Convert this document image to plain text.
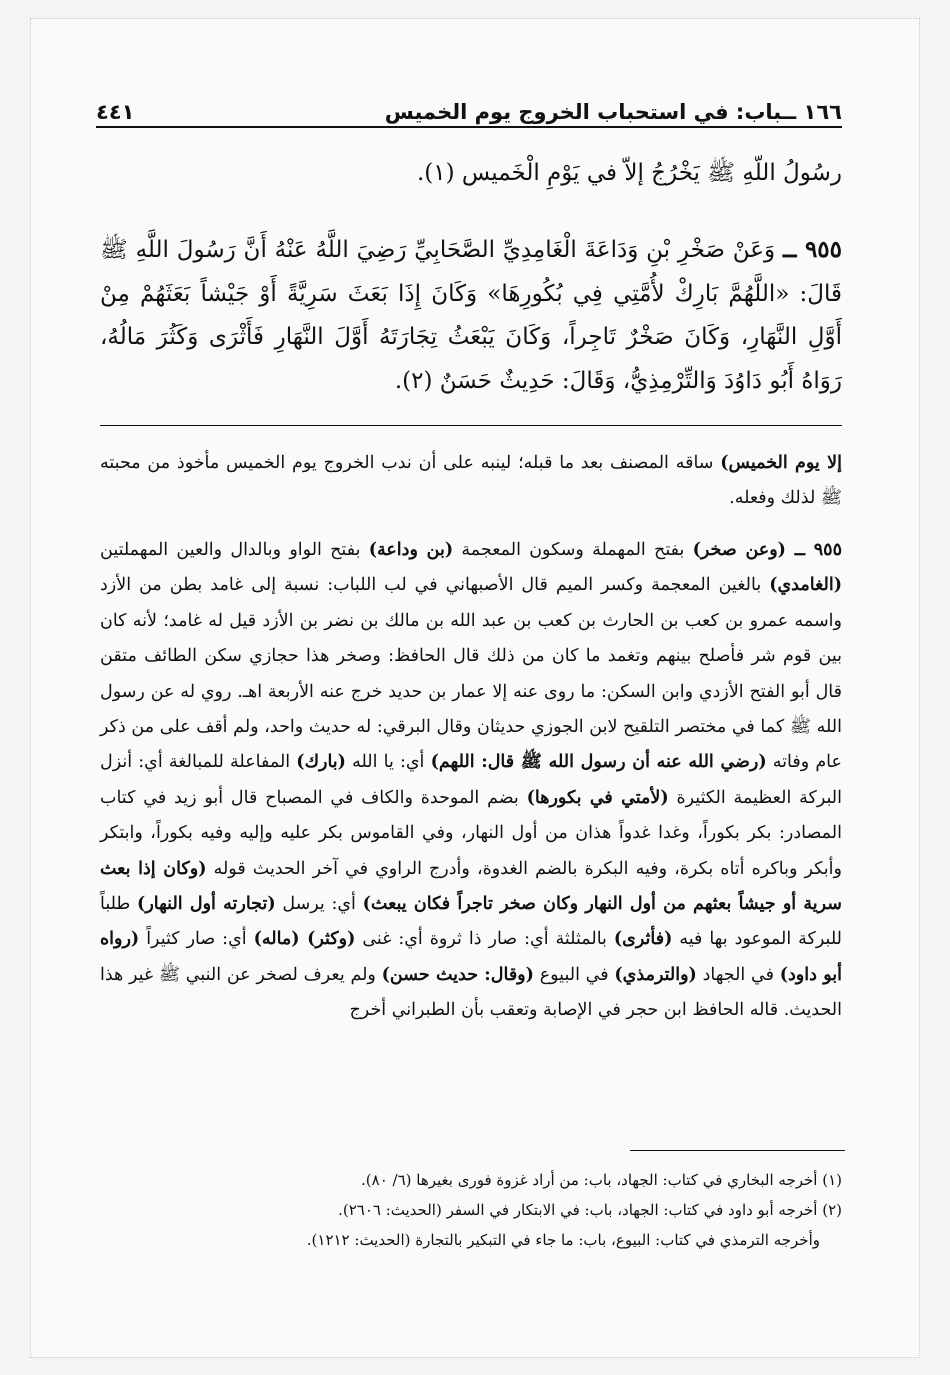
١٦٦ ــباب: في استحباب الخروج يوم الخميس
٤٤١
رسُولُ اللّهِ ﷺ يَخْرُجُ إلاّ في يَوْمِ الْخَميس (١).
٩٥٥ ــ وَعَنْ صَخْرِ بْنِ وَدَاعَةَ الْغَامِدِيِّ الصَّحَابِيِّ رَضِيَ اللَّهُ عَنْهُ أَنَّ رَسُولَ اللَّهِ ﷺ قَالَ: «اللَّهُمَّ بَارِكْ لأُمَّتِي فِي بُكُورِهَا» وَكَانَ إِذَا بَعَثَ سَرِيَّةً أَوْ جَيْشاً بَعَثَهُمْ مِنْ أَوَّلِ النَّهَارِ، وَكَانَ صَخْرٌ تَاجِراً، وَكَانَ يَبْعَثُ تِجَارَتَهُ أَوَّلَ النَّهَارِ فَأَثْرَى وَكَثُرَ مَالُهُ، رَوَاهُ أَبُو دَاوُدَ وَالتِّرْمِذِيُّ، وَقَالَ: حَدِيثٌ حَسَنٌ (٢).
إلا يوم الخميس) ساقه المصنف بعد ما قبله؛ لينبه على أن ندب الخروج يوم الخميس مأخوذ من محبته ﷺ لذلك وفعله.
٩٥٥ ــ (وعن صخر) بفتح المهملة وسكون المعجمة (بن وداعة) بفتح الواو وبالدال والعين المهملتين (الغامدي) بالغين المعجمة وكسر الميم قال الأصبهاني في لب اللباب: نسبة إلى غامد بطن من الأزد واسمه عمرو بن كعب بن الحارث بن كعب بن عبد الله بن مالك بن نضر بن الأزد قيل له غامد؛ لأنه كان بين قوم شر فأصلح بينهم وتغمد ما كان من ذلك قال الحافظ: وصخر هذا حجازي سكن الطائف متقن قال أبو الفتح الأزدي وابن السكن: ما روى عنه إلا عمار بن حديد خرج عنه الأربعة اهـ. روي له عن رسول الله ﷺ كما في مختصر التلقيح لابن الجوزي حديثان وقال البرقي: له حديث واحد، ولم أقف على من ذكر عام وفاته (رضي الله عنه أن رسول الله ﷺ قال: اللهم) أي: يا الله (بارك) المفاعلة للمبالغة أي: أنزل البركة العظيمة الكثيرة (لأمتي في بكورها) بضم الموحدة والكاف في المصباح قال أبو زيد في كتاب المصادر: بكر بكوراً، وغدا غدواً هذان من أول النهار، وفي القاموس بكر عليه وإليه وفيه بكوراً، وابتكر وأبكر وباكره أتاه بكرة، وفيه البكرة بالضم الغدوة، وأدرج الراوي في آخر الحديث قوله (وكان إذا بعث سرية أو جيشاً بعثهم من أول النهار وكان صخر تاجراً فكان يبعث) أي: يرسل (تجارته أول النهار) طلباً للبركة الموعود بها فيه (فأثرى) بالمثلثة أي: صار ذا ثروة أي: غنى (وكثر) (ماله) أي: صار كثيراً (رواه أبو داود) في الجهاد (والترمذي) في البيوع (وقال: حديث حسن) ولم يعرف لصخر عن النبي ﷺ غير هذا الحديث. قاله الحافظ ابن حجر في الإصابة وتعقب بأن الطبراني أخرج
(١) أخرجه البخاري في كتاب: الجهاد، باب: من أراد غزوة فورى بغيرها (٦/ ٨٠).
(٢) أخرجه أبو داود في كتاب: الجهاد، باب: في الابتكار في السفر (الحديث: ٢٦٠٦).
وأخرجه الترمذي في كتاب: البيوع، باب: ما جاء في التبكير بالتجارة (الحديث: ١٢١٢).
